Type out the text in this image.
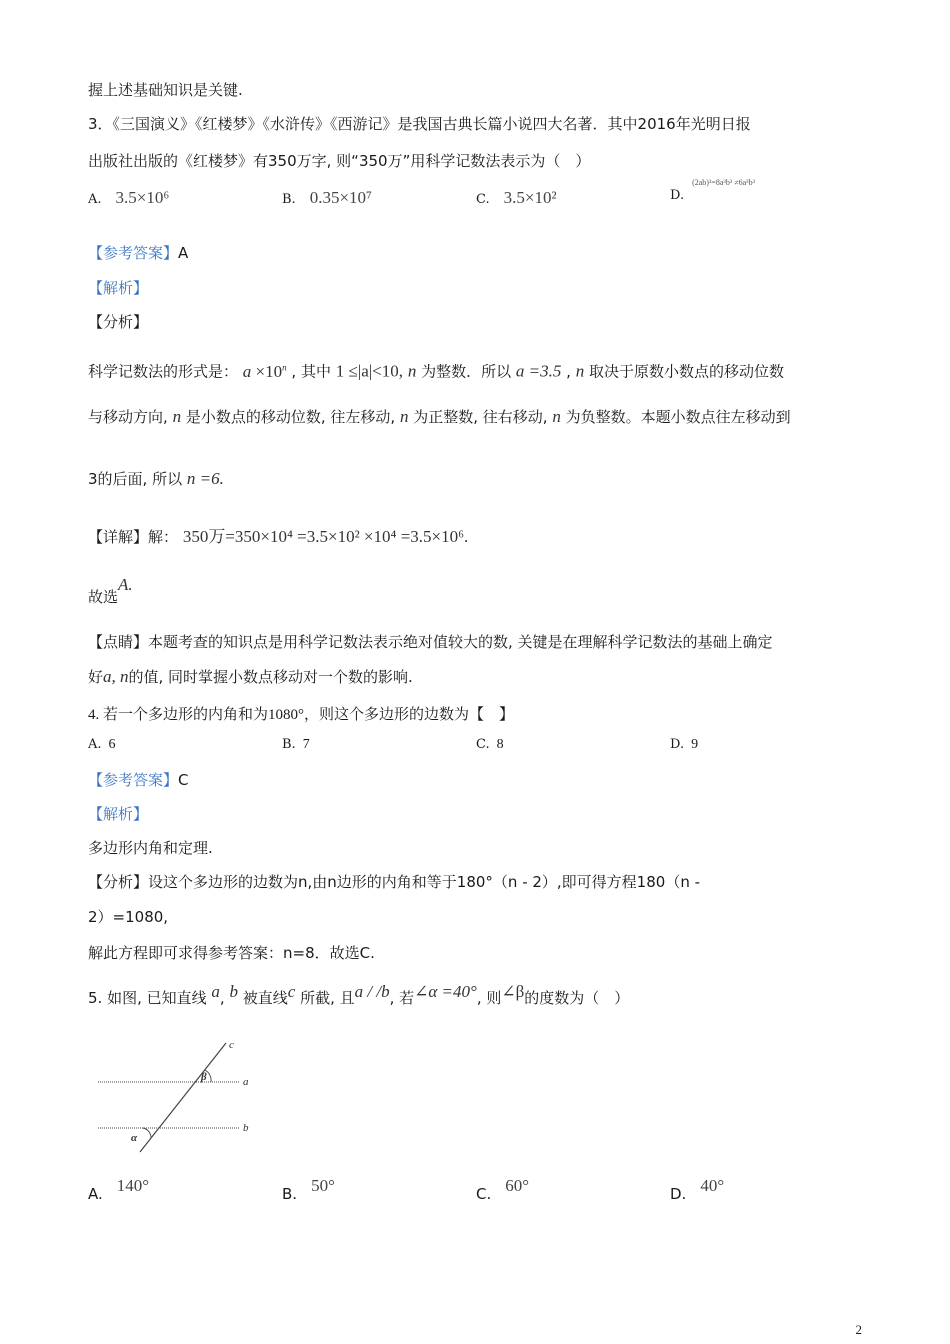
握上述基础知识是关键.
3．《三国演义》《红楼梦》《水浒传》《西游记》是我国古典长篇小说四大名著．其中2016年光明日报
出版社出版的《红楼梦》有350万字, 则“350万”用科学记数法表示为（　）
A. 3.5×10⁶	B. 0.35×10⁷	C. 3.5×10²	D.$^{(2ab)^3=8a^3b^3 \ne 6a^3b^3}$
【参考答案】A
【解析】
【分析】
科学记数法的形式是： $a \times 10^n$ , 其中 1 ≤|a|<10, n 为整数．所以 a =3.5 , n 取决于原数小数点的移动位数
与移动方向, n 是小数点的移动位数, 往左移动, n 为正整数, 往右移动, n 为负整数。本题小数点往左移动到
3的后面, 所以 n =6.
【详解】解： 350万=350×10⁴ =3.5×10² ×10⁴ =3.5×10⁶.
故选A.
【点睛】本题考查的知识点是用科学记数法表示绝对值较大的数, 关键是在理解科学记数法的基础上确定
好a, n的值, 同时掌握小数点移动对一个数的影响.
4. 若一个多边形的内角和为1080°，则这个多边形的边数为【　】
A. 6	B. 7	C. 8	D. 9
【参考答案】C
【解析】
多边形内角和定理.
【分析】设这个多边形的边数为n,由n边形的内角和等于180°（n - 2）,即可得方程180（n -
2）=1080,
解此方程即可求得参考答案：n=8．故选C.
5. 如图, 已知直线 a, b 被直线c 所截, 且a / /b, 若∠α =40°, 则∠β的度数为（　）
a
b
c
β
α
A. 140°	B. 50°	C. 60°	D. 40°
2
